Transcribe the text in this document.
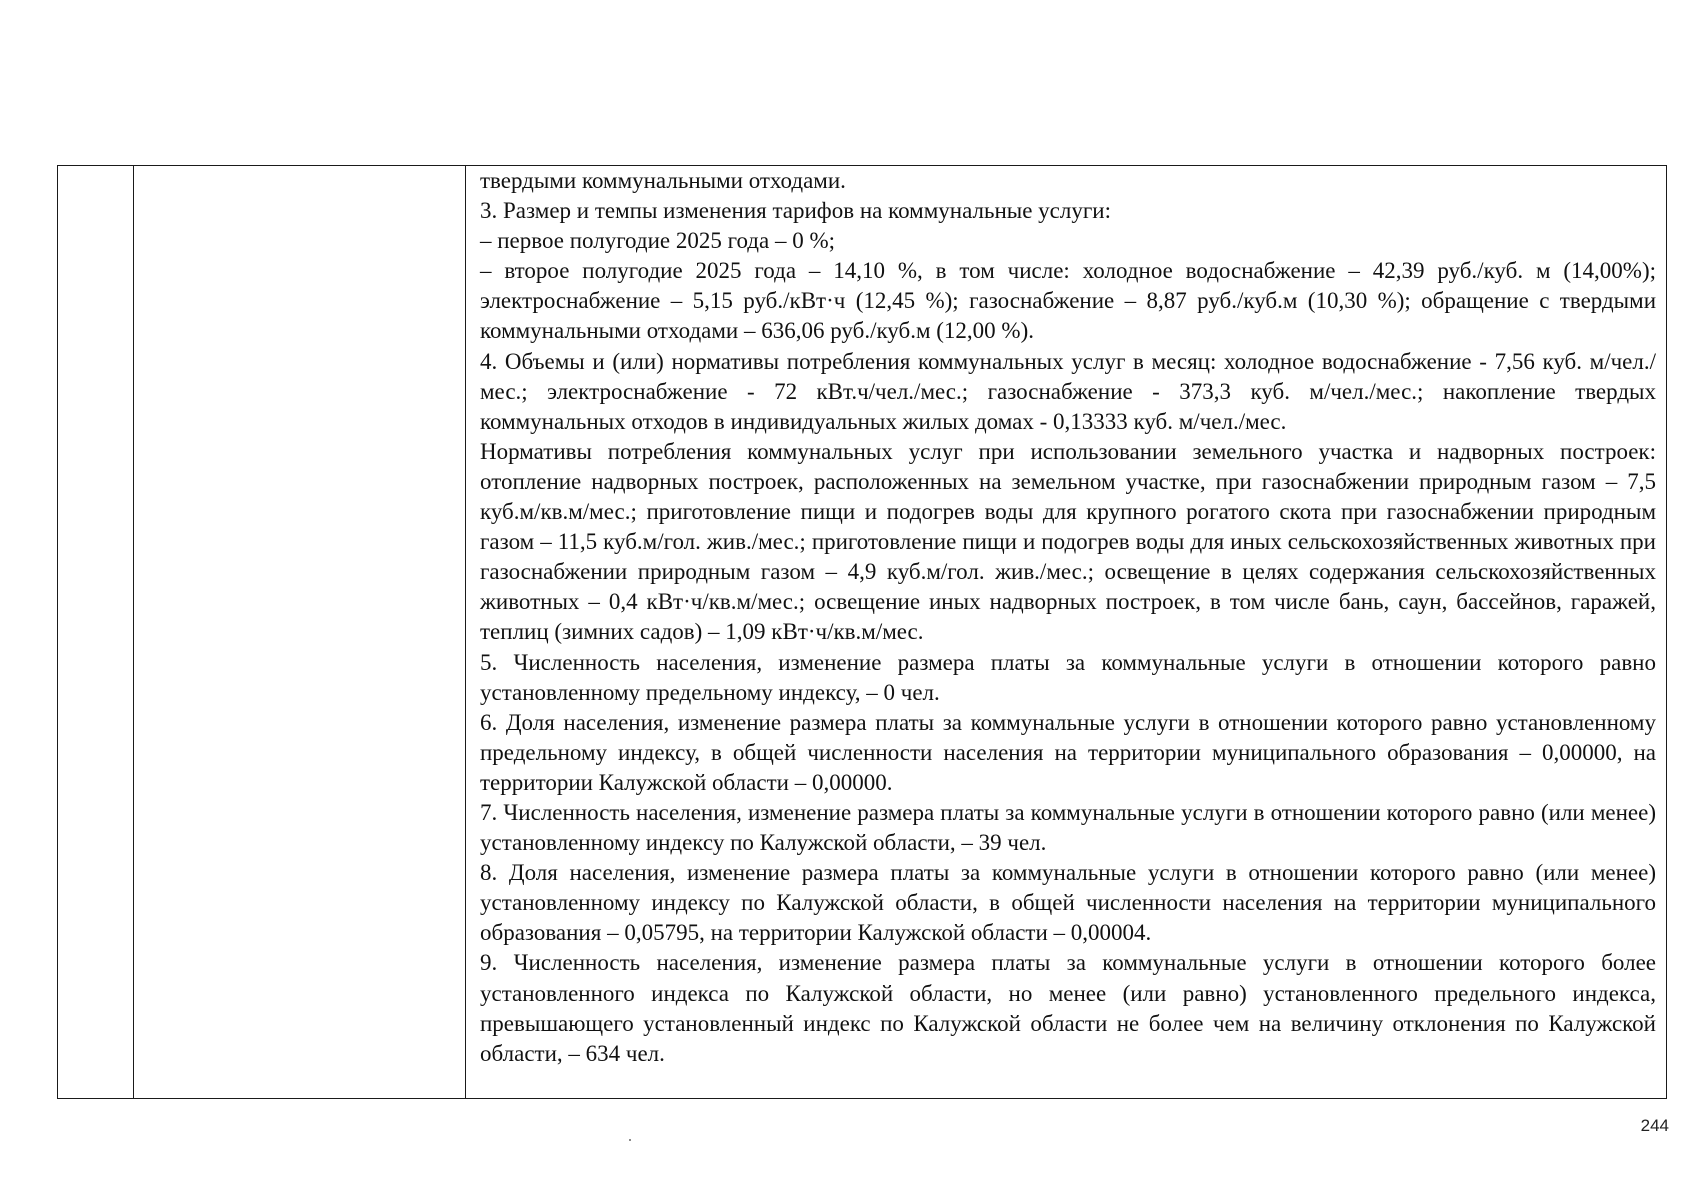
твердыми коммунальными отходами.

3. Размер и темпы изменения тарифов на коммунальные услуги:

– первое полугодие 2025 года – 0 %;

– второе полугодие 2025 года – 14,10 %, в том числе: холодное водоснабжение – 42,39 руб./куб. м (14,00%); электроснабжение – 5,15 руб./кВт·ч (12,45 %); газоснабжение – 8,87 руб./куб.м (10,30 %); обращение с твердыми коммунальными отходами – 636,06 руб./куб.м (12,00 %).

4. Объемы и (или) нормативы потребления коммунальных услуг в месяц: холодное водоснабжение - 7,56 куб. м/чел./мес.; электроснабжение - 72 кВт.ч/чел./мес.; газоснабжение - 373,3 куб. м/чел./мес.; накопление твердых коммунальных отходов в индивидуальных жилых домах - 0,13333 куб. м/чел./мес.

Нормативы потребления коммунальных услуг при использовании земельного участка и надворных построек: отопление надворных построек, расположенных на земельном участке, при газоснабжении природным газом – 7,5 куб.м/кв.м/мес.; приготовление пищи и подогрев воды для крупного рогатого скота при газоснабжении природным газом – 11,5 куб.м/гол. жив./мес.; приготовление пищи и подогрев воды для иных сельскохозяйственных животных при газоснабжении природным газом – 4,9 куб.м/гол. жив./мес.; освещение в целях содержания сельскохозяйственных животных – 0,4 кВт·ч/кв.м/мес.; освещение иных надворных построек, в том числе бань, саун, бассейнов, гаражей, теплиц (зимних садов) – 1,09 кВт·ч/кв.м/мес.

5. Численность населения, изменение размера платы за коммунальные услуги в отношении которого равно установленному предельному индексу, – 0 чел.

6. Доля населения, изменение размера платы за коммунальные услуги в отношении которого равно установленному предельному индексу, в общей численности населения на территории муниципального образования – 0,00000, на территории Калужской области – 0,00000.

7. Численность населения, изменение размера платы за коммунальные услуги в отношении которого равно (или менее) установленному индексу по Калужской области, – 39 чел.

8. Доля населения, изменение размера платы за коммунальные услуги в отношении которого равно (или менее) установленному индексу по Калужской области, в общей численности населения на территории муниципального образования – 0,05795, на территории Калужской области – 0,00004.

9. Численность населения, изменение размера платы за коммунальные услуги в отношении которого более установленного индекса по Калужской области, но менее (или равно) установленного предельного индекса, превышающего установленный индекс по Калужской области не более чем на величину отклонения по Калужской области, – 634 чел.

244
